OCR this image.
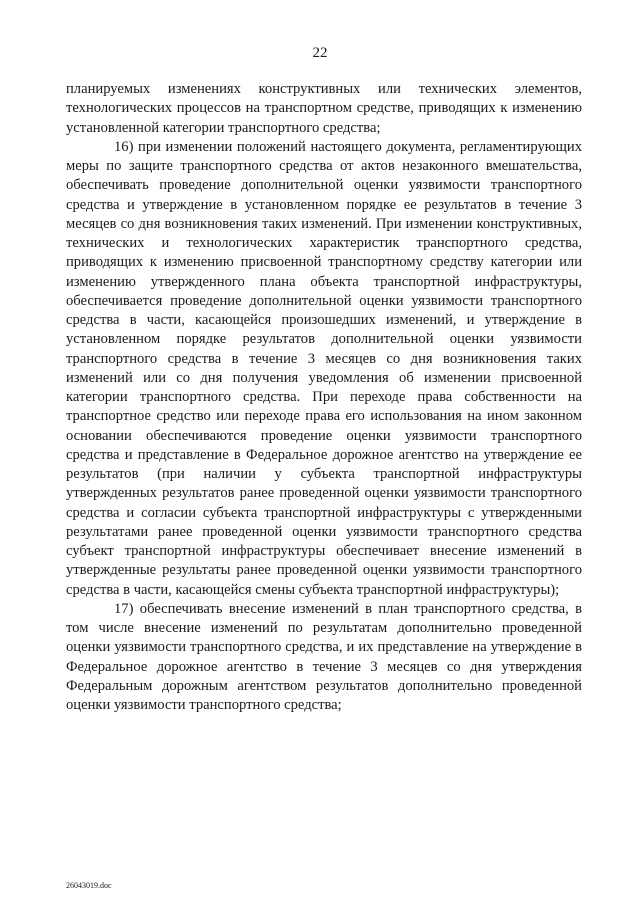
22

планируемых изменениях конструктивных или технических элементов, технологических процессов на транспортном средстве, приводящих к изменению установленной категории транспортного средства;

16) при изменении положений настоящего документа, регламентирующих меры по защите транспортного средства от актов незаконного вмешательства, обеспечивать проведение дополнительной оценки уязвимости транспортного средства и утверждение в установленном порядке ее результатов в течение 3 месяцев со дня возникновения таких изменений. При изменении конструктивных, технических и технологических характеристик транспортного средства, приводящих к изменению присвоенной транспортному средству категории или изменению утвержденного плана объекта транспортной инфраструктуры, обеспечивается проведение дополнительной оценки уязвимости транспортного средства в части, касающейся произошедших изменений, и утверждение в установленном порядке результатов дополнительной оценки уязвимости транспортного средства в течение 3 месяцев со дня возникновения таких изменений или со дня получения уведомления об изменении присвоенной категории транспортного средства. При переходе права собственности на транспортное средство или переходе права его использования на ином законном основании обеспечиваются проведение оценки уязвимости транспортного средства и представление в Федеральное дорожное агентство на утверждение ее результатов (при наличии у субъекта транспортной инфраструктуры утвержденных результатов ранее проведенной оценки уязвимости транспортного средства и согласии субъекта транспортной инфраструктуры с утвержденными результатами ранее проведенной оценки уязвимости транспортного средства субъект транспортной инфраструктуры обеспечивает внесение изменений в утвержденные результаты ранее проведенной оценки уязвимости транспортного средства в части, касающейся смены субъекта транспортной инфраструктуры);

17) обеспечивать внесение изменений в план транспортного средства, в том числе внесение изменений по результатам дополнительно проведенной оценки уязвимости транспортного средства, и их представление на утверждение в Федеральное дорожное агентство в течение 3 месяцев со дня утверждения Федеральным дорожным агентством результатов дополнительно проведенной оценки уязвимости транспортного средства;

26043019.doc
